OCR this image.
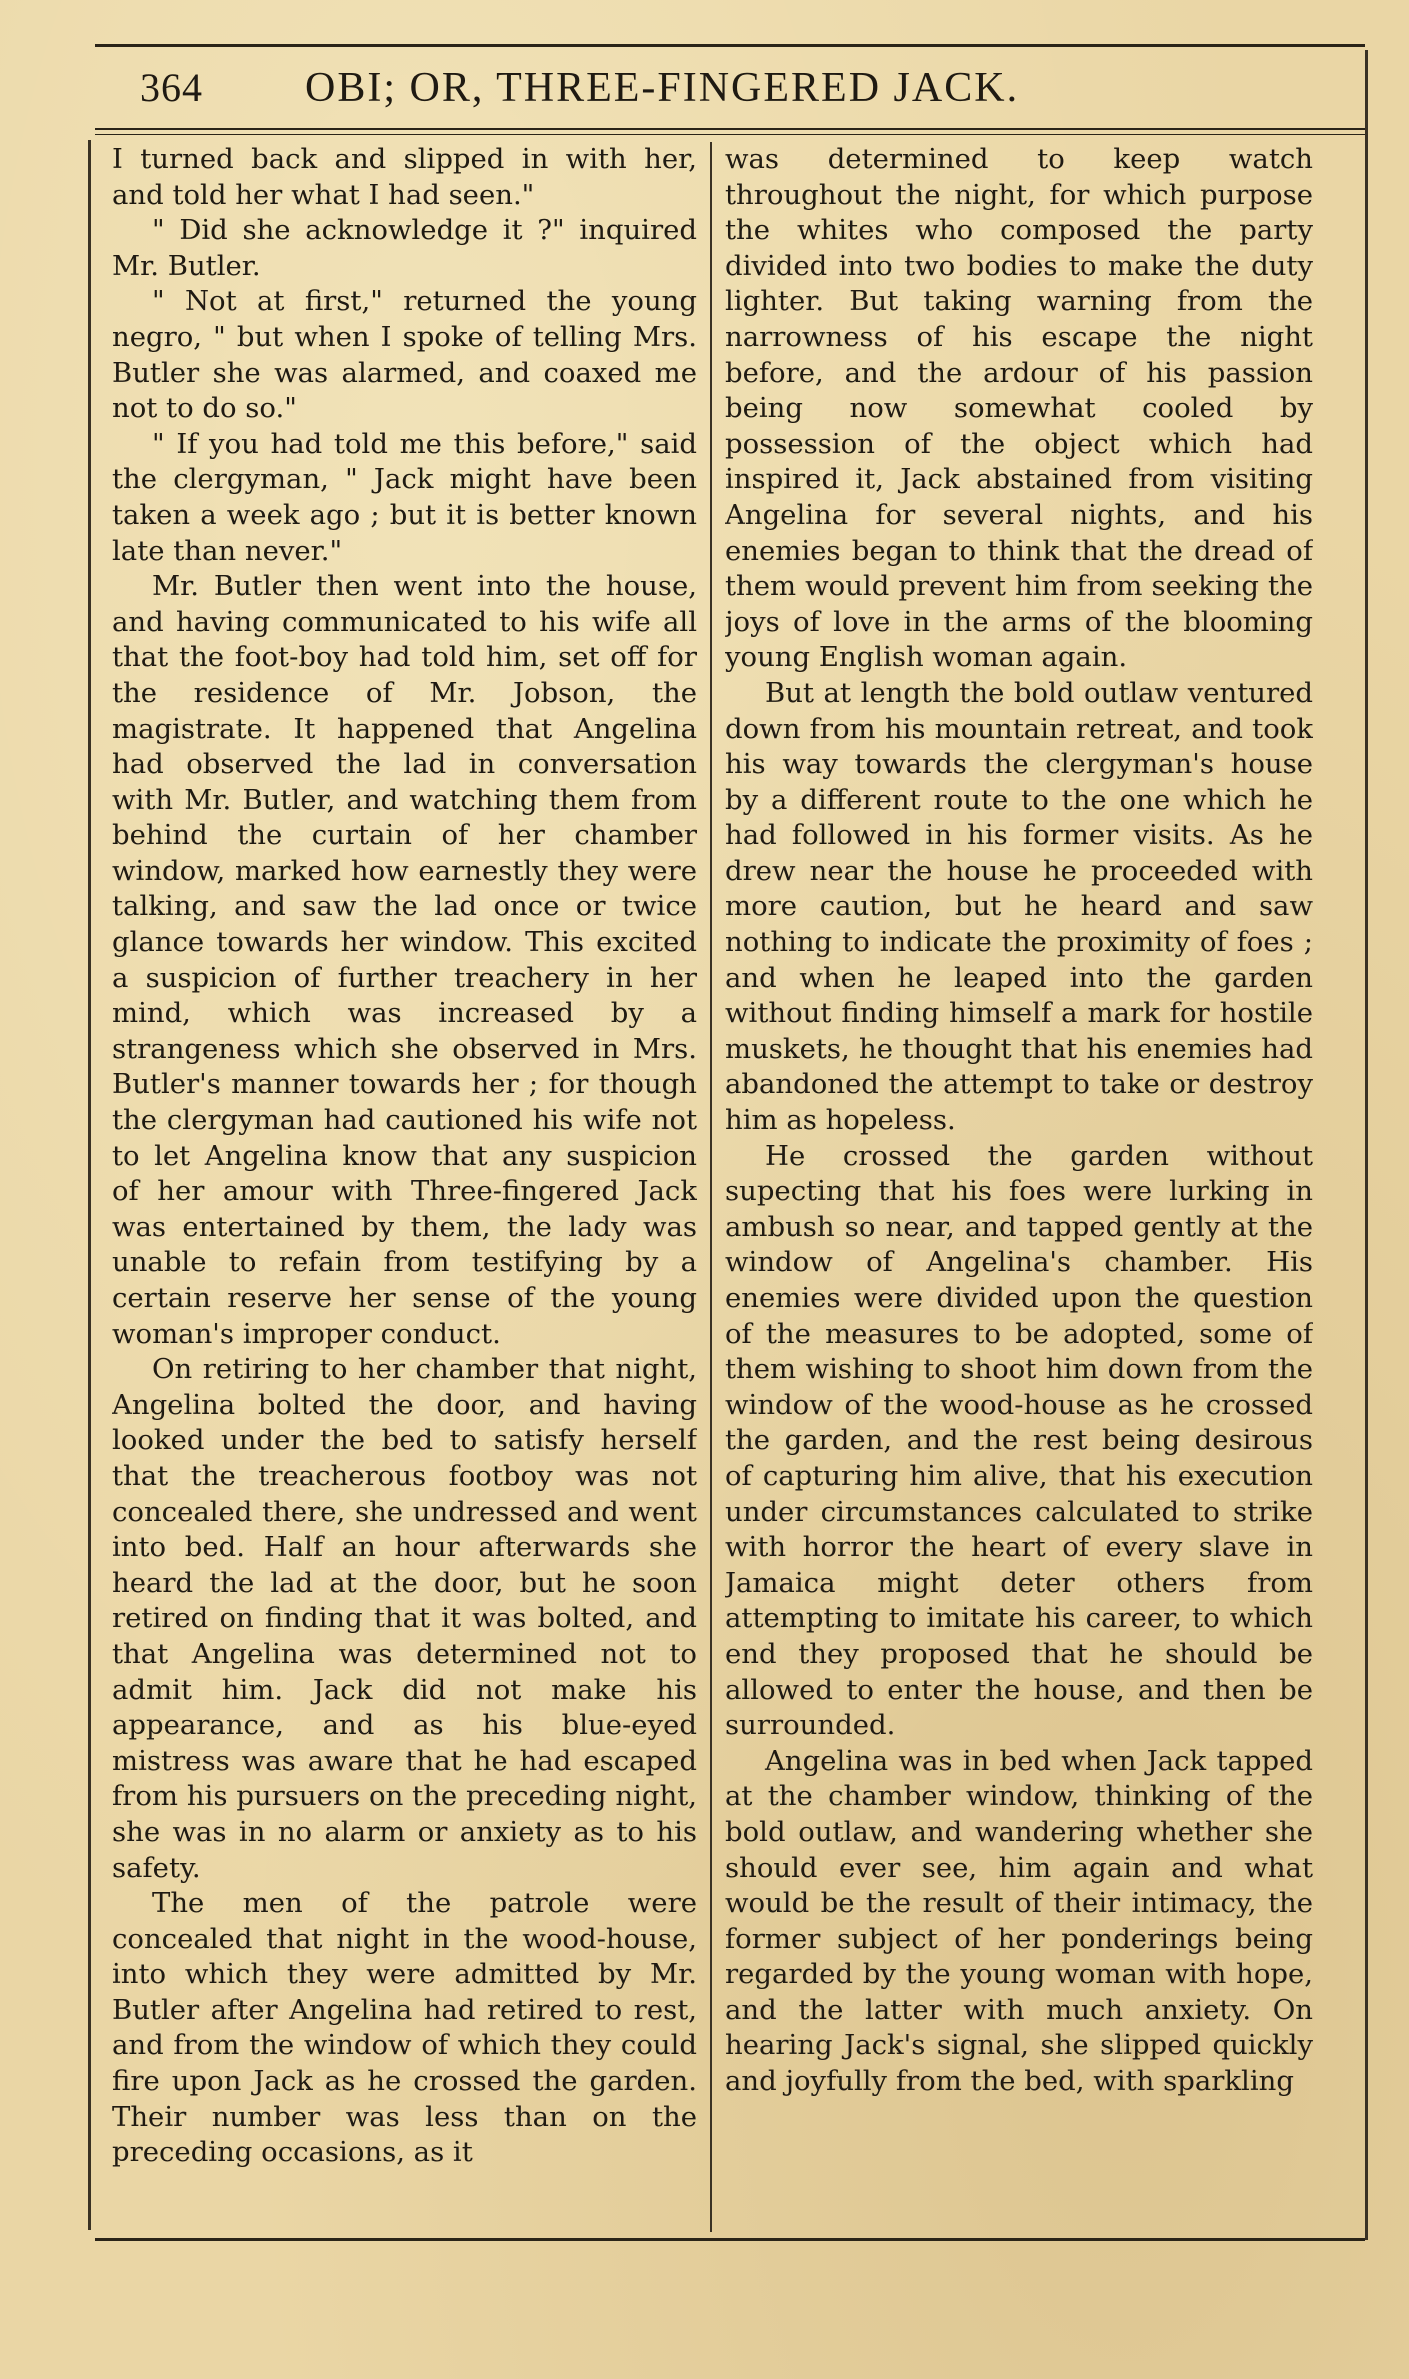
364 OBI; OR, THREE-FINGERED JACK.

I turned back and slipped in with her, and told her what I had seen."

" Did she acknowledge it ?" inquired Mr. Butler.

" Not at first," returned the young negro, " but when I spoke of telling Mrs. Butler she was alarmed, and coaxed me not to do so."

" If you had told me this before," said the clergyman, " Jack might have been taken a week ago ; but it is better known late than never."

Mr. Butler then went into the house, and having communicated to his wife all that the foot-boy had told him, set off for the residence of Mr. Jobson, the magistrate. It happened that Angelina had observed the lad in conversation with Mr. Butler, and watching them from behind the curtain of her chamber window, marked how earnestly they were talking, and saw the lad once or twice glance towards her window. This excited a suspicion of further treachery in her mind, which was increased by a strangeness which she observed in Mrs. Butler's manner towards her ; for though the clergyman had cautioned his wife not to let Angelina know that any suspicion of her amour with Three-fingered Jack was entertained by them, the lady was unable to refain from testifying by a certain reserve her sense of the young woman's improper conduct.

On retiring to her chamber that night, Angelina bolted the door, and having looked under the bed to satisfy herself that the treacherous footboy was not concealed there, she undressed and went into bed. Half an hour afterwards she heard the lad at the door, but he soon retired on finding that it was bolted, and that Angelina was determined not to admit him. Jack did not make his appearance, and as his blue-eyed mistress was aware that he had escaped from his pursuers on the preceding night, she was in no alarm or anxiety as to his safety.

The men of the patrole were concealed that night in the wood-house, into which they were admitted by Mr. Butler after Angelina had retired to rest, and from the window of which they could fire upon Jack as he crossed the garden. Their number was less than on the preceding occasions, as it

was determined to keep watch throughout the night, for which purpose the whites who composed the party divided into two bodies to make the duty lighter. But taking warning from the narrowness of his escape the night before, and the ardour of his passion being now somewhat cooled by possession of the object which had inspired it, Jack abstained from visiting Angelina for several nights, and his enemies began to think that the dread of them would prevent him from seeking the joys of love in the arms of the blooming young English woman again.

But at length the bold outlaw ventured down from his mountain retreat, and took his way towards the clergyman's house by a different route to the one which he had followed in his former visits. As he drew near the house he proceeded with more caution, but he heard and saw nothing to indicate the proximity of foes ; and when he leaped into the garden without finding himself a mark for hostile muskets, he thought that his enemies had abandoned the attempt to take or destroy him as hopeless.

He crossed the garden without supecting that his foes were lurking in ambush so near, and tapped gently at the window of Angelina's chamber. His enemies were divided upon the question of the measures to be adopted, some of them wishing to shoot him down from the window of the wood-house as he crossed the garden, and the rest being desirous of capturing him alive, that his execution under circumstances calculated to strike with horror the heart of every slave in Jamaica might deter others from attempting to imitate his career, to which end they proposed that he should be allowed to enter the house, and then be surrounded.

Angelina was in bed when Jack tapped at the chamber window, thinking of the bold outlaw, and wandering whether she should ever see, him again and what would be the result of their intimacy, the former subject of her ponderings being regarded by the young woman with hope, and the latter with much anxiety. On hearing Jack's signal, she slipped quickly and joyfully from the bed, with sparkling
